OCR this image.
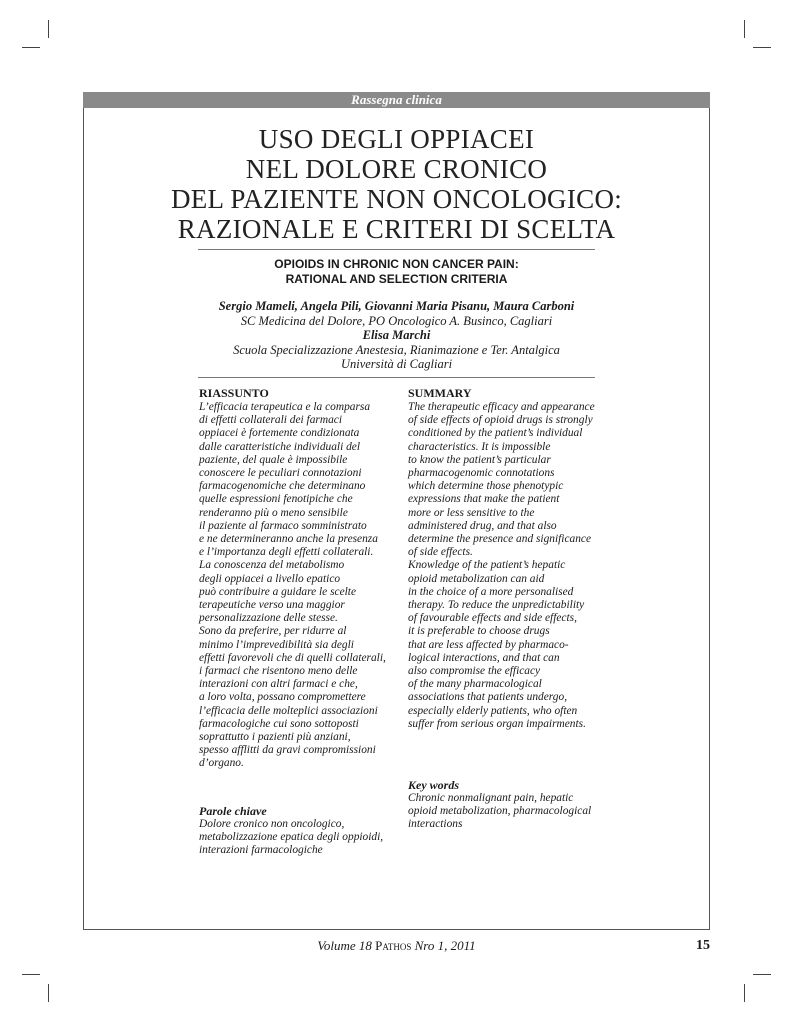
Rassegna clinica
USO DEGLI OPPIACEI
NEL DOLORE CRONICO
DEL PAZIENTE NON ONCOLOGICO:
RAZIONALE E CRITERI DI SCELTA
OPIOIDS IN CHRONIC NON CANCER PAIN:
RATIONAL AND SELECTION CRITERIA
Sergio Mameli, Angela Pili, Giovanni Maria Pisanu, Maura Carboni
SC Medicina del Dolore, PO Oncologico A. Businco, Cagliari
Elisa Marchi
Scuola Specializzazione Anestesia, Rianimazione e Ter. Antalgica
Università di Cagliari
RIASSUNTO
L’efficacia terapeutica e la comparsa
di effetti collaterali dei farmaci
oppiacei è fortemente condizionata
dalle caratteristiche individuali del
paziente, del quale è impossibile
conoscere le peculiari connotazioni
farmacogenomiche che determinano
quelle espressioni fenotipiche che
renderanno più o meno sensibile
il paziente al farmaco somministrato
e ne determineranno anche la presenza
e l’importanza degli effetti collaterali.
La conoscenza del metabolismo
degli oppiacei a livello epatico
può contribuire a guidare le scelte
terapeutiche verso una maggior
personalizzazione delle stesse.
Sono da preferire, per ridurre al
minimo l’imprevedibilità sia degli
effetti favorevoli che di quelli collaterali,
i farmaci che risentono meno delle
interazioni con altri farmaci e che,
a loro volta, possano compromettere
l’efficacia delle molteplici associazioni
farmacologiche cui sono sottoposti
soprattutto i pazienti più anziani,
spesso afflitti da gravi compromissioni
d’organo.
Parole chiave
Dolore cronico non oncologico,
metabolizzazione epatica degli oppioidi,
interazioni farmacologiche
SUMMARY
The therapeutic efficacy and appearance
of side effects of opioid drugs is strongly
conditioned by the patient’s individual
characteristics. It is impossible
to know the patient’s particular
pharmacogenomic connotations
which determine those phenotypic
expressions that make the patient
more or less sensitive to the
administered drug, and that also
determine the presence and significance
of side effects.
Knowledge of the patient’s hepatic
opioid metabolization can aid
in the choice of a more personalised
therapy. To reduce the unpredictability
of favourable effects and side effects,
it is preferable to choose drugs
that are less affected by pharmaco-
logical interactions, and that can
also compromise the efficacy
of the many pharmacological
associations that patients undergo,
especially elderly patients, who often
suffer from serious organ impairments.
Key words
Chronic nonmalignant pain, hepatic
opioid metabolization, pharmacological
interactions
Volume 18 Pathos Nro 1, 2011	15
